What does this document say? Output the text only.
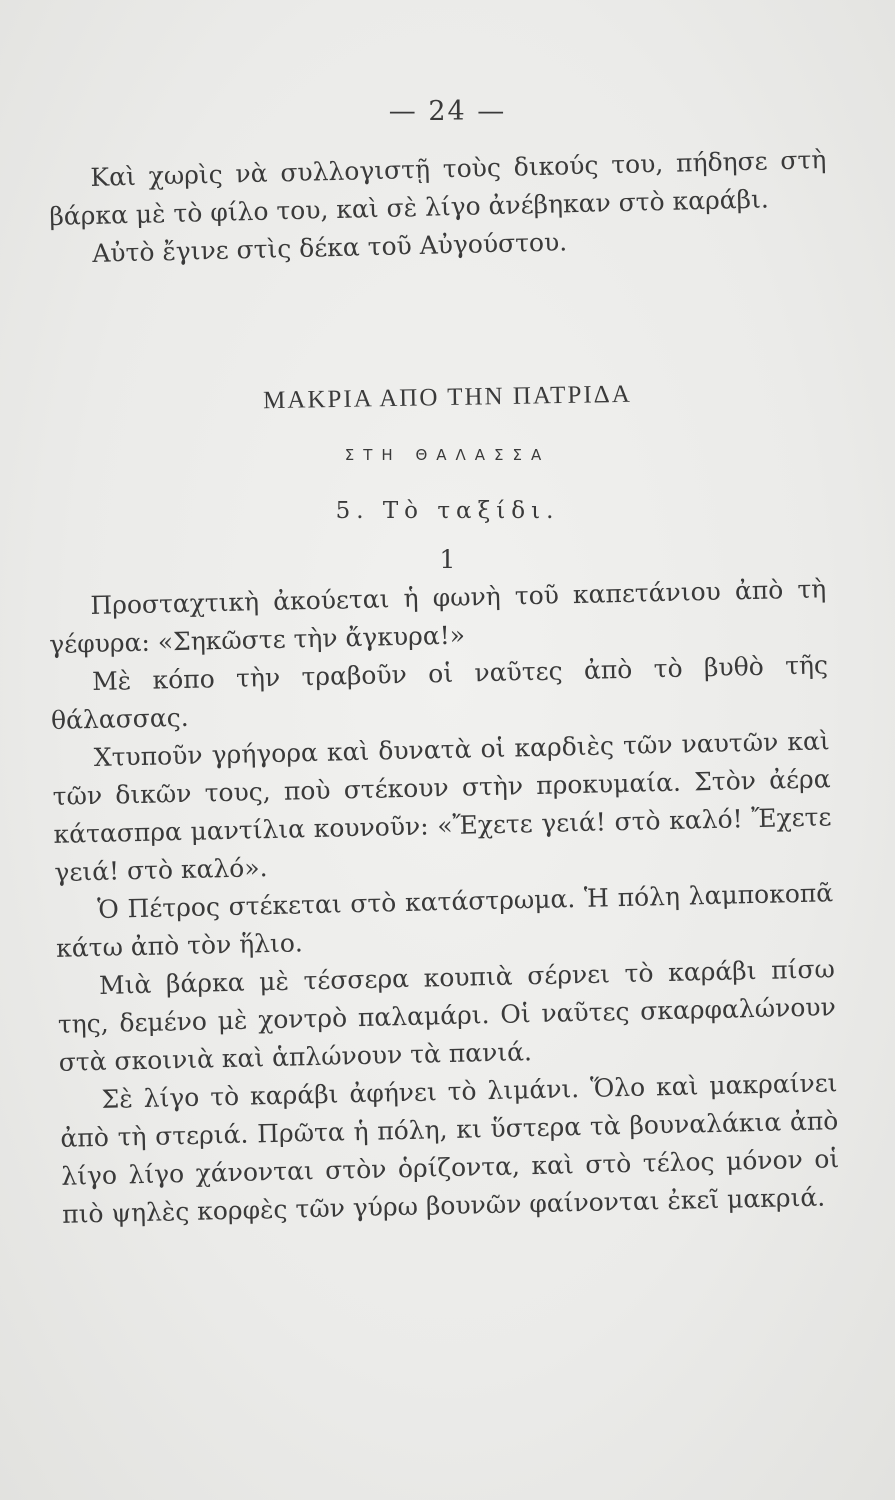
— 24 —

Καὶ χωρὶς νὰ συλλογιστῇ τοὺς δικούς του, πήδησε στὴ βάρκα μὲ τὸ φίλο του, καὶ σὲ λίγο ἀνέβηκαν στὸ καράβι.

Αὐτὸ ἔγινε στὶς δέκα τοῦ Αὐγούστου.

ΜΑΚΡΙΑ ΑΠΟ ΤΗΝ ΠΑΤΡΙΔΑ
ΣΤΗ ΘΑΛΑΣΣΑ
5. Τὸ ταξίδι.
1

Προσταχτικὴ ἀκούεται ἡ φωνὴ τοῦ καπετάνιου ἀπὸ τὴ γέφυρα: «Σηκῶστε τὴν ἄγκυρα!»

Μὲ κόπο τὴν τραβοῦν οἱ ναῦτες ἀπὸ τὸ βυθὸ τῆς θάλασσας.

Χτυποῦν γρήγορα καὶ δυνατὰ οἱ καρδιὲς τῶν ναυτῶν καὶ τῶν δικῶν τους, ποὺ στέκουν στὴν προκυμαία. Στὸν ἀέρα κάτασπρα μαντίλια κουνοῦν: «Ἔχετε γειά! στὸ καλό! Ἔχετε γειά! στὸ καλό».

Ὁ Πέτρος στέκεται στὸ κατάστρωμα. Ἡ πόλη λαμποκοπᾶ κάτω ἀπὸ τὸν ἥλιο.

Μιὰ βάρκα μὲ τέσσερα κουπιὰ σέρνει τὸ καράβι πίσω της, δεμένο μὲ χοντρὸ παλαμάρι. Οἱ ναῦτες σκαρφαλώνουν στὰ σκοινιὰ καὶ ἁπλώνουν τὰ πανιά.

Σὲ λίγο τὸ καράβι ἀφήνει τὸ λιμάνι. Ὅλο καὶ μακραίνει ἀπὸ τὴ στεριά. Πρῶτα ἡ πόλη, κι ὕστερα τὰ βουναλάκια ἀπὸ λίγο λίγο χάνονται στὸν ὁρίζοντα, καὶ στὸ τέλος μόνον οἱ πιὸ ψηλὲς κορφὲς τῶν γύρω βουνῶν φαίνονται ἐκεῖ μακριά.
